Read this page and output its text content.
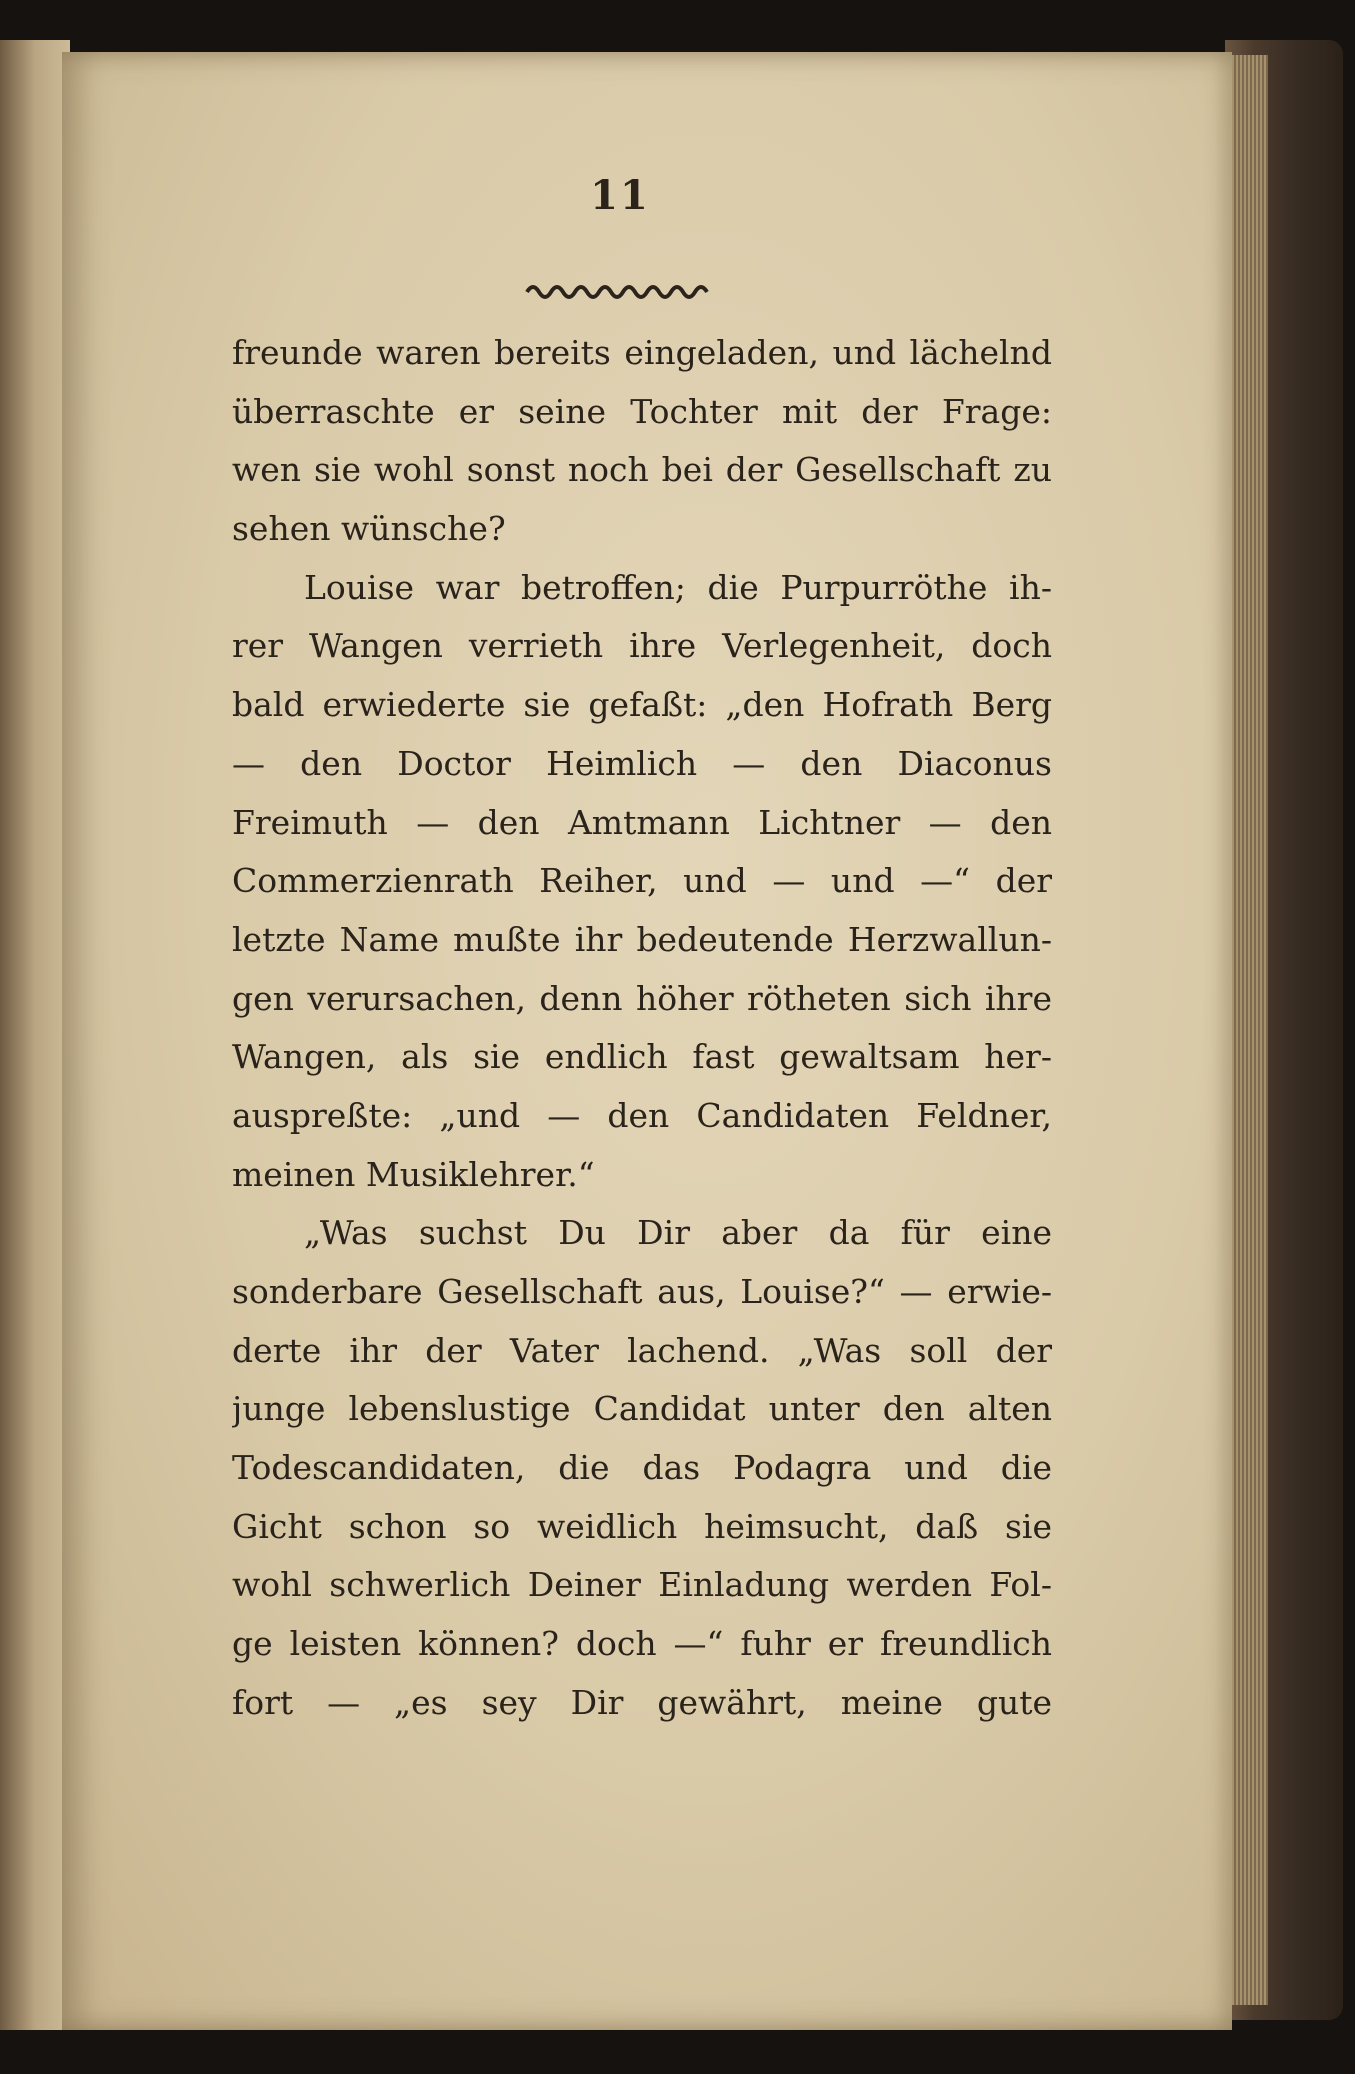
11
freunde waren bereits eingeladen, und lächelnd
überraschte er seine Tochter mit der Frage:
wen sie wohl sonst noch bei der Gesellschaft zu
sehen wünsche?
Louise war betroffen; die Purpurröthe ih-
rer Wangen verrieth ihre Verlegenheit, doch
bald erwiederte sie gefaßt: „den Hofrath Berg
— den Doctor Heimlich — den Diaconus
Freimuth — den Amtmann Lichtner — den
Commerzienrath Reiher, und — und —“ der
letzte Name mußte ihr bedeutende Herzwallun-
gen verursachen, denn höher rötheten sich ihre
Wangen, als sie endlich fast gewaltsam her-
auspreßte: „und — den Candidaten Feldner,
meinen Musiklehrer.“
„Was suchst Du Dir aber da für eine
sonderbare Gesellschaft aus, Louise?“ — erwie-
derte ihr der Vater lachend. „Was soll der
junge lebenslustige Candidat unter den alten
Todescandidaten, die das Podagra und die
Gicht schon so weidlich heimsucht, daß sie
wohl schwerlich Deiner Einladung werden Fol-
ge leisten können? doch —“ fuhr er freundlich
fort — „es sey Dir gewährt, meine gute
